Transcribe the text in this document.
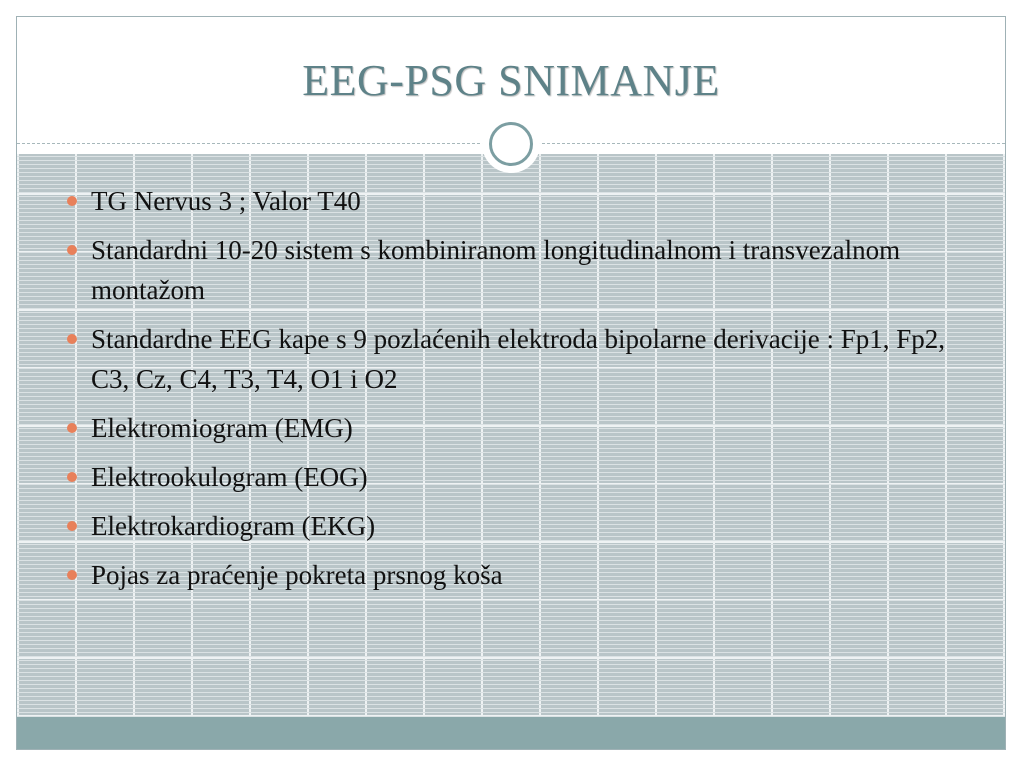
EEG-PSG SNIMANJE
TG Nervus 3 ; Valor T40
Standardni 10-20 sistem s kombiniranom longitudinalnom i transvezalnom montažom
Standardne EEG kape s 9 pozlaćenih elektroda bipolarne derivacije : Fp1, Fp2, C3, Cz, C4, T3, T4, O1 i O2
Elektromiogram (EMG)
Elektrookulogram (EOG)
Elektrokardiogram (EKG)
Pojas za praćenje pokreta prsnog koša
